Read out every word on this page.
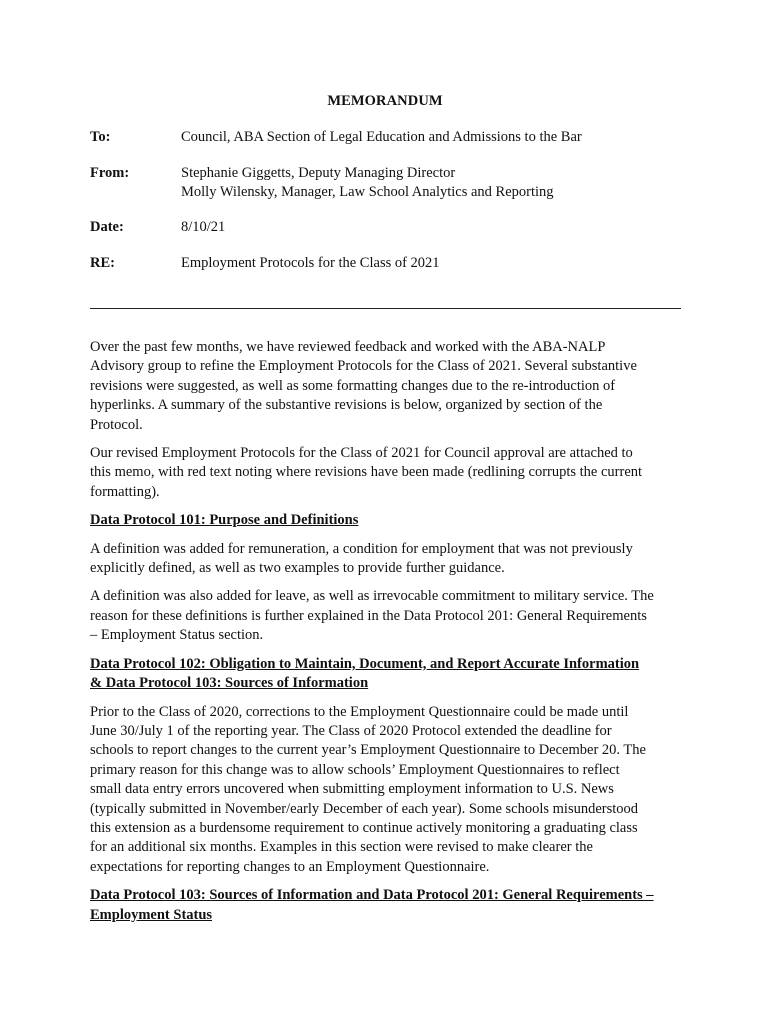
MEMORANDUM
To:	Council, ABA Section of Legal Education and Admissions to the Bar
From:	Stephanie Giggetts, Deputy Managing Director
Molly Wilensky, Manager, Law School Analytics and Reporting
Date:	8/10/21
RE:	Employment Protocols for the Class of 2021

Over the past few months, we have reviewed feedback and worked with the ABA-NALP
Advisory group to refine the Employment Protocols for the Class of 2021. Several substantive
revisions were suggested, as well as some formatting changes due to the re-introduction of
hyperlinks. A summary of the substantive revisions is below, organized by section of the
Protocol.

Our revised Employment Protocols for the Class of 2021 for Council approval are attached to
this memo, with red text noting where revisions have been made (redlining corrupts the current
formatting).

Data Protocol 101: Purpose and Definitions

A definition was added for remuneration, a condition for employment that was not previously
explicitly defined, as well as two examples to provide further guidance.

A definition was also added for leave, as well as irrevocable commitment to military service. The
reason for these definitions is further explained in the Data Protocol 201: General Requirements
– Employment Status section.

Data Protocol 102: Obligation to Maintain, Document, and Report Accurate Information
& Data Protocol 103: Sources of Information

Prior to the Class of 2020, corrections to the Employment Questionnaire could be made until
June 30/July 1 of the reporting year. The Class of 2020 Protocol extended the deadline for
schools to report changes to the current year’s Employment Questionnaire to December 20. The
primary reason for this change was to allow schools’ Employment Questionnaires to reflect
small data entry errors uncovered when submitting employment information to U.S. News
(typically submitted in November/early December of each year). Some schools misunderstood
this extension as a burdensome requirement to continue actively monitoring a graduating class
for an additional six months. Examples in this section were revised to make clearer the
expectations for reporting changes to an Employment Questionnaire.

Data Protocol 103: Sources of Information and Data Protocol 201: General Requirements –
Employment Status
